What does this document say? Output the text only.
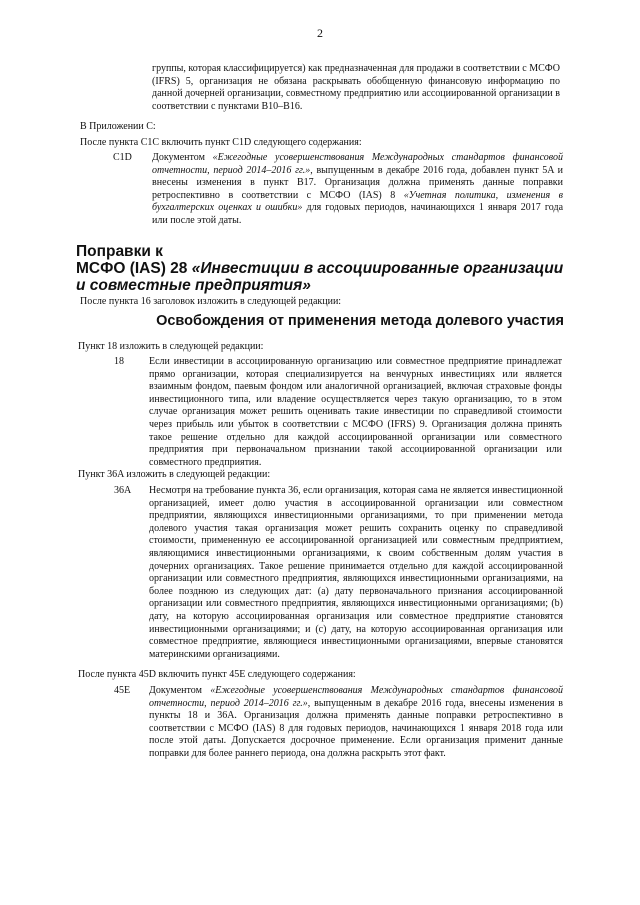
2
группы, которая классифицируется) как предназначенная для продажи в соответствии с МСФО (IFRS) 5, организация не обязана раскрывать обобщенную финансовую информацию по данной дочерней организации, совместному предприятию или ассоциированной организации в соответствии с пунктами B10–B16.
В Приложении C:
После пункта C1C включить пункт C1D следующего содержания:
C1D Документом «Ежегодные усовершенствования Международных стандартов финансовой отчетности, период 2014–2016 гг.», выпущенным в декабре 2016 года, добавлен пункт 5A и внесены изменения в пункт B17. Организация должна применять данные поправки ретроспективно в соответствии с МСФО (IAS) 8 «Учетная политика, изменения в бухгалтерских оценках и ошибки» для годовых периодов, начинающихся 1 января 2017 года или после этой даты.
Поправки к
МСФО (IAS) 28 «Инвестиции в ассоциированные организации и совместные предприятия»
После пункта 16 заголовок изложить в следующей редакции:
Освобождения от применения метода долевого участия
Пункт 18 изложить в следующей редакции:
18	Если инвестиции в ассоциированную организацию или совместное предприятие принадлежат прямо организации, которая специализируется на венчурных инвестициях или является взаимным фондом, паевым фондом или аналогичной организацией, включая страховые фонды инвестиционного типа, или владение осуществляется через такую организацию, то в этом случае организация может решить оценивать такие инвестиции по справедливой стоимости через прибыль или убыток в соответствии с МСФО (IFRS) 9. Организация должна принять такое решение отдельно для каждой ассоциированной организации или совместного предприятия при первоначальном признании такой ассоциированной организации или совместного предприятия.
Пункт 36A изложить в следующей редакции:
36A Несмотря на требование пункта 36, если организация, которая сама не является инвестиционной организацией, имеет долю участия в ассоциированной организации или совместном предприятии, являющихся инвестиционными организациями, то при применении метода долевого участия такая организация может решить сохранить оценку по справедливой стоимости, примененную ее ассоциированной организацией или совместным предприятием, являющимися инвестиционными организациями, к своим собственным долям участия в дочерних организациях. Такое решение принимается отдельно для каждой ассоциированной организации или совместного предприятия, являющихся инвестиционными организациями, на более позднюю из следующих дат: (a) дату первоначального признания ассоциированной организации или совместного предприятия, являющихся инвестиционными организациями; (b) дату, на которую ассоциированная организация или совместное предприятие становятся инвестиционными организациями; и (c) дату, на которую ассоциированная организация или совместное предприятие, являющиеся инвестиционными организациями, впервые становятся материнскими организациями.
После пункта 45D включить пункт 45E следующего содержания:
45E Документом «Ежегодные усовершенствования Международных стандартов финансовой отчетности, период 2014–2016 гг.», выпущенным в декабре 2016 года, внесены изменения в пункты 18 и 36A. Организация должна применять данные поправки ретроспективно в соответствии с МСФО (IAS) 8 для годовых периодов, начинающихся 1 января 2018 года или после этой даты. Допускается досрочное применение. Если организация применит данные поправки для более раннего периода, она должна раскрыть этот факт.
